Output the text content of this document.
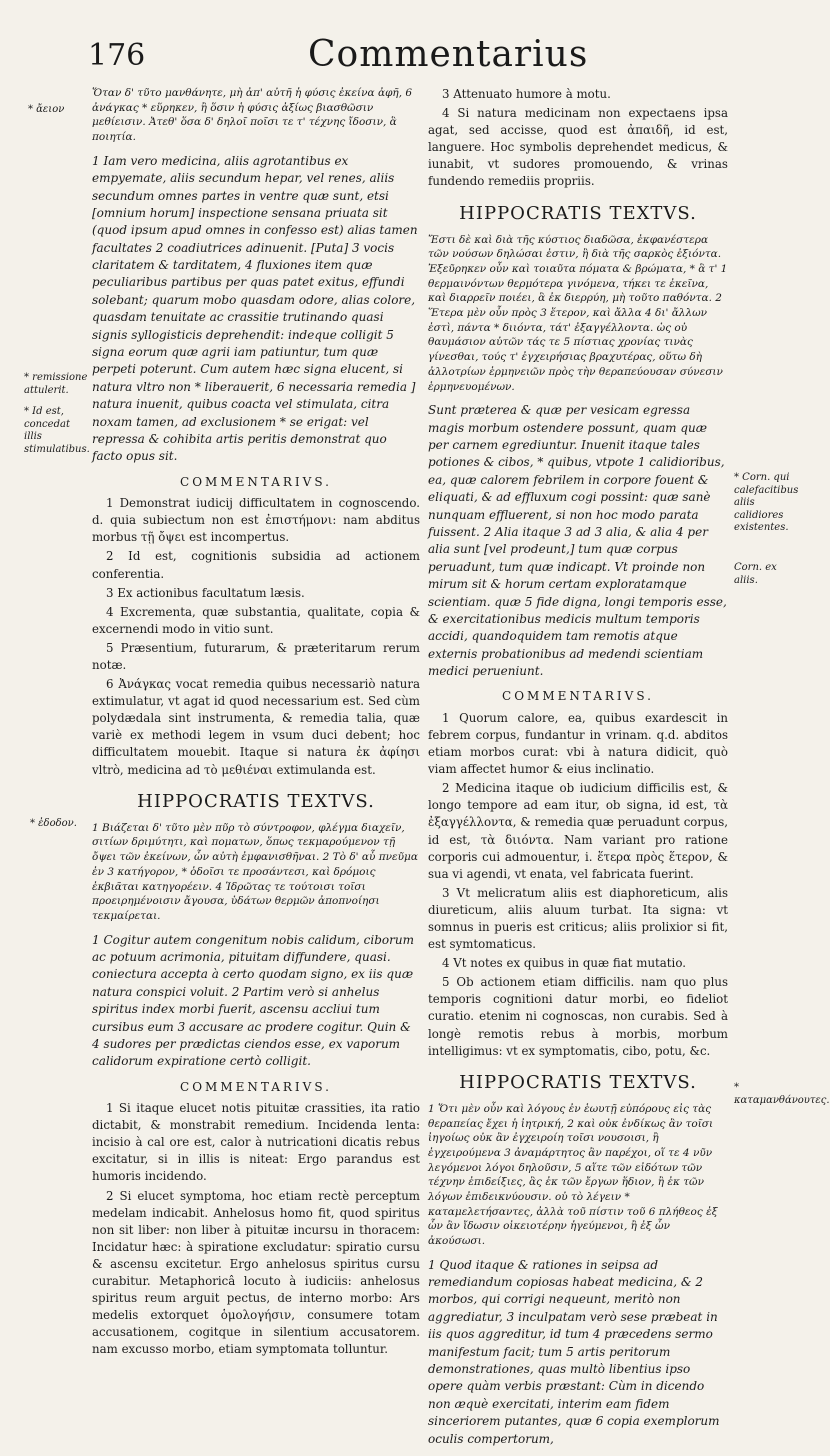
176	Commentarius
* ἄειον
* remissione attulerit.
* Id est, concedat illis stimulatibus.
* ἐδοδον.
* Corn. qui calefacitibus aliis calidiores existentes.
Corn. ex aliis.
* καταμανθάνουτες.
Ὅταν δ' τῦτο μανθάνητε, μὴ ἀπ' αὐτῆ ἡ φύσις ἐκείνα ἀφῆ, 6 ἀνάγκας * εὕρηκεν, ἢ ὅσιν ἡ φύσις ἀξίως βιασθῶσιν μεθίεισιν. Ἀτεθ' ὅσα δ' δηλοῖ ποῖσι τε τ' τέχνης ἴδοσιν, ἃ ποιητία.
1 Iam vero medicina, aliis agrotantibus ex empyemate, aliis secundum hepar, vel renes, aliis secundum omnes partes in ventre quæ sunt, etsi [omnium horum] inspectione sensana priuata sit (quod ipsum apud omnes in confesso est) alias tamen facultates 2 coadiutrices adinuenit. [Puta] 3 vocis claritatem & tarditatem, 4 fluxiones item quæ peculiaribus partibus per quas patet exitus, effundi solebant; quarum mobo quasdam odore, alias colore, quasdam tenuitate ac crassitie trutinando quasi signis syllogisticis deprehendit: indeque colligit 5 signa eorum quæ agrii iam patiuntur, tum quæ perpeti poterunt. Cum autem hæc signa elucent, si natura vltro non * liberauerit, 6 necessaria remedia ] natura inuenit, quibus coacta vel stimulata, citra noxam tamen, ad exclusionem * se erigat: vel repressa & cohibita artis peritis demonstrat quo facto opus sit.
COMMENTARIVS.

1 Demonstrat iudicij difficultatem in cognoscendo. d. quia subiectum non est ἐπιστήμονι: nam abditus morbus τῇ ὄψει est incompertus.

2 Id est, cognitionis subsidia ad actionem conferentia.

3 Ex actionibus facultatum læsis.

4 Excrementa, quæ substantia, qualitate, copia & excernendi modo in vitio sunt.

5 Præsentium, futurarum, & præteritarum rerum notæ.

6 Ἀνάγκας vocat remedia quibus necessariò natura extimulatur, vt agat id quod necessarium est. Sed cùm polydædala sint instrumenta, & remedia talia, quæ variè ex methodi legem in vsum duci debent; hoc difficultatem mouebit. Itaque si natura ἐκ ἀφίησι vltrò, medicina ad τὸ μεθιέναι extimulanda est.

HIPPOCRATIS TEXTVS.
1 Βιάζεται δ' τῦτο μὲν πῦρ τὸ σύντροφον, φλέγμα διαχεῖν, σιτίων δριμύτητι, καὶ ποματων, ὅπως τεκμαρούμενον τῇ ὄψει τῶν ἐκείνων, ὧν αὐτὴ ἐμφανισθῆναι. 2 Τὸ δ' αὖ πνεῦμα ἐν 3 κατήγορον, * ὁδοῖσι τε προσάντεσι, καὶ δρόμοις ἐκβιᾶται κατηγορέειν. 4 Ἱδρῶτας τε τούτοισι τοῖσι προειρημένοισιν ἄγουσα, ὑδάτων θερμῶν ἀποπνοίησι τεκμαίρεται.
1 Cogitur autem congenitum nobis calidum, ciborum ac potuum acrimonia, pituitam diffundere, quasi. coniectura accepta à certo quodam signo, ex iis quæ natura conspici voluit. 2 Partim verò si anhelus spiritus index morbi fuerit, ascensu accliui tum cursibus eum 3 accusare ac prodere cogitur. Quin & 4 sudores per prædictas ciendos esse, ex vaporum calidorum expiratione certò colligit.
COMMENTARIVS.

1 Si itaque elucet notis pituitæ crassities, ita ratio dictabit, & monstrabit remedium. Incidenda lenta: incisio à cal ore est, calor à nutricationi dicatis rebus excitatur, si in illis is niteat: Ergo parandus est humoris incidendo.

2 Si elucet symptoma, hoc etiam rectè perceptum medelam indicabit. Anhelosus homo fit, quod spiritus non sit liber: non liber à pituitæ incursu in thoracem: Incidatur hæc: à spiratione excludatur: spiratio cursu & ascensu excitetur. Ergo anhelosus spiritus cursu curabitur. Metaphoricâ locuto à iudiciis: anhelosus spiritus reum arguit pectus, de interno morbo: Ars medelis extorquet ὁμολογήσιν, consumere totam accusationem, cogitque in silentium accusatorem. nam excusso morbo, etiam symptomata tolluntur.

3 Attenuato humore à motu.

4 Si natura medicinam non expectaens ipsa agat, sed accisse, quod est ἀπαιδῆ, id est, languere. Hoc symbolis deprehendet medicus, & iunabit, vt sudores promouendo, & vrinas fundendo remediis propriis.

HIPPOCRATIS TEXTVS.
Ἔστι δὲ καὶ διὰ τῆς κύστιος διαδῶσα, ἐκφανέστερα τῶν νούσων δηλώσαι ἐστιν, ἢ διὰ τῆς σαρκὸς ἐξιόντα. Ἐξεῦρηκεν οὖν καὶ τοιαῦτα πόματα & βρώματα, * ἃ τ' 1 θερμαινόντων θερμότερα γινόμενα, τήκει τε ἐκεῖνα, καὶ διαρρεῖν ποιέει, ἃ ἐκ διερρύη, μὴ τοῦτο παθόντα. 2 Ἕτερα μὲν οὖν πρὸς 3 ἕτερον, καὶ ἄλλα 4 δι' ἄλλων ἐστὶ, πάντα * διιόντα, τάτ' ἐξαγγέλλοντα. ὡς οὐ θαυμάσιον αὐτῶν τάς τε 5 πίστιας χρονίας τινὰς γίνεσθαι, τούς τ' ἐγχειρήσιας βραχυτέρας, οὕτω δὴ ἀλλοτρίων ἑρμηνειῶν πρὸς τὴν θεραπεύουσαν σύνεσιν ἑρμηνευομένων.
Sunt præterea & quæ per vesicam egressa magis morbum ostendere possunt, quam quæ per carnem egrediuntur. Inuenit itaque tales potiones & cibos, * quibus, vtpote 1 calidioribus, ea, quæ calorem febrilem in corpore fouent & eliquati, & ad effluxum cogi possint: quæ sanè nunquam effluerent, si non hoc modo parata fuissent. 2 Alia itaque 3 ad 3 alia, & alia 4 per alia sunt [vel prodeunt,] tum quæ corpus peruadunt, tum quæ indicapt. Vt proinde non mirum sit & horum certam exploratamque scientiam. quæ 5 fide digna, longi temporis esse, & exercitationibus medicis multum temporis accidi, quandoquidem tam remotis atque externis probationibus ad medendi scientiam medici perueniunt.
COMMENTARIVS.

1 Quorum calore, ea, quibus exardescit in febrem corpus, fundantur in vrinam. q.d. abditos etiam morbos curat: vbi à natura didicit, quò viam affectet humor & eius inclinatio.

2 Medicina itaque ob iudicium difficilis est, & longo tempore ad eam itur, ob signa, id est, τὰ ἐξαγγέλλοντα, & remedia quæ peruadunt corpus, id est, τὰ διιόντα. Nam variant pro ratione corporis cui admouentur, i. ἕτερα πρὸς ἕτερον, & sua vi agendi, vt enata, vel fabricata fuerint.

3 Vt melicratum aliis est diaphoreticum, alis diureticum, aliis aluum turbat. Ita signa: vt somnus in pueris est criticus; aliis prolixior si fit, est symtomaticus.

4 Vt notes ex quibus in quæ fiat mutatio.

5 Ob actionem etiam difficilis. nam quo plus temporis cognitioni datur morbi, eo fideliot curatio. etenim ni cognoscas, non curabis. Sed à longè remotis rebus à morbis, morbum intelligimus: vt ex symptomatis, cibo, potu, &c.

HIPPOCRATIS TEXTVS.
1 Ὅτι μὲν οὖν καὶ λόγους ἐν ἑωυτῇ εὐπόρους εἰς τὰς θεραπείας ἔχει ἡ ἰητρική, 2 καὶ οὐκ ἐνδίκως ἂν τοῖσι ἰηγοίως οὐκ ἂν ἐγχειροίη τοῖσι νουσοισι, ἢ ἐγχειρούμενα 3 ἀναμάρτητος ἂν παρέχοι, οἵ τε 4 νῦν λεγόμενοι λόγοι δηλοῦσιν, 5 αἵτε τῶν εἰδότων τῶν τέχνην ἐπιδείξιες, ἃς ἐκ τῶν ἔργων ἥδιον, ἢ ἐκ τῶν λόγων ἐπιδεικνύουσιν. οὐ τὸ λέγειν * καταμελετήσαντες, ἀλλὰ τοῦ πίστιν τοῦ 6 πλήθεος ἐξ ὧν ἂν ἴδωσιν οἰκειοτέρην ἡγεύμενοι, ἢ ἐξ ὧν ἀκούσωσι.
1 Quod itaque & rationes in seipsa ad remediandum copiosas habeat medicina, & 2 morbos, qui corrigi nequeunt, meritò non aggrediatur, 3 inculpatam verò sese præbeat in iis quos aggreditur, id tum 4 præcedens sermo manifestum facit; tum 5 artis peritorum demonstrationes, quas multò libentius ipso opere quàm verbis præstant: Cùm in dicendo non æquè exercitati, interim eam fidem sinceriorem putantes, quæ 6 copia exemplorum oculis compertorum,
